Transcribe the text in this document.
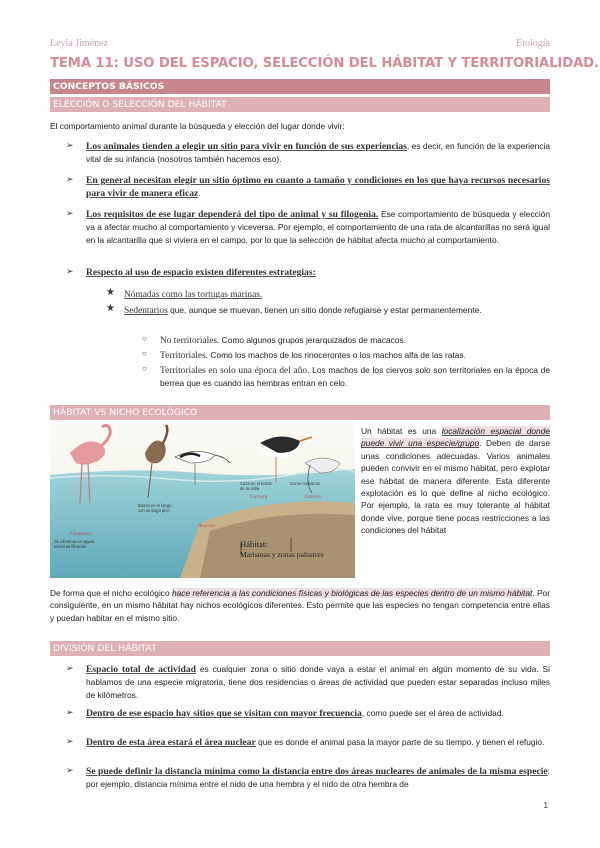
Leyla Jiménez	Etología
TEMA 11: USO DEL ESPACIO, SELECCIÓN DEL HÁBITAT Y TERRITORIALIDAD.
CONCEPTOS BÁSICOS
ELECCIÓN O SELECCIÓN DEL HÁBITAT
El comportamiento animal durante la búsqueda y elección del lugar donde vivir:
➢ Los animales tienden a elegir un sitio para vivir en función de sus experiencias, es decir, en función de la experiencia vital de su infancia (nosotros también hacemos eso).
➢ En general necesitan elegir un sitio óptimo en cuanto a tamaño y condiciones en los que haya recursos necesarios para vivir de manera eficaz.
➢ Los requisitos de ese lugar dependerá del tipo de animal y su filogenia. Ese comportamiento de búsqueda y elección va a afectar mucho al comportamiento y viceversa. Por ejemplo, el comportamiento de una rata de alcantarillas no será igual en la alcantarilla que si viviera en el campo, por lo que la selección de hábitat afecta mucho al comportamiento.
➢ Respecto al uso de espacio existen diferentes estrategias:
★ Nómadas como las tortugas marinas.
★ Sedentarios que, aunque se muevan, tienen un sitio donde refugiarse y estar permanentemente.
○ No territoriales. Como algunos grupos jerarquizados de macacos.
○ Territoriales. Como los machos de los rinocerontes o los machos alfa de las ratas.
○ Territoriales en solo una época del año. Los machos de los ciervos solo son territoriales en la época de berrea que es cuando las hembras entran en celo.
HÁBITAT VS NICHO ECOLÓGICO
Se alimenta en aguas
someras filtrando
Busca en el fango
con su largo pico
Caza en el borde
de la orilla
Come moluscos
Avoceta
Garceta	Ostrero
Flamenco
Hábitat:
Marismas y zonas palustres
Un hábitat es una localización espacial donde puede vivir una especie/grupo. Deben de darse unas condiciones adecuadas. Varios animales pueden convivir en el mismo hábitat, pero explotar ese hábitat de manera diferente. Esta diferente explotación es lo que define al nicho ecológico. Por ejemplo, la rata es muy tolerante al hábitat donde vive, porque tiene pocas restricciones a las condiciones del hábitat
De forma que el nicho ecológico hace referencia a las condiciones físicas y biológicas de las especies dentro de un mismo hábitat. Por consiguiente, en un mismo hábitat hay nichos ecológicos diferentes. Esto permite que las especies no tengan competencia entre ellas y puedan habitar en el mismo sitio.
DIVISIÓN DEL HÁBITAT
➢ Espacio total de actividad es cualquier zona o sitio donde vaya a estar el animal en algún momento de su vida. Si hablamos de una especie migratoria, tiene dos residencias o áreas de actividad que pueden estar separadas incluso miles de kilómetros.
➢ Dentro de ese espacio hay sitios que se visitan con mayor frecuencia, como puede ser el área de actividad.
➢ Dentro de esta área estará el área nuclear que es donde el animal pasa la mayor parte de su tiempo. y tienen el refugio.
➢ Se puede definir la distancia mínima como la distancia entre dos áreas nucleares de animales de la misma especie: por ejemplo, distancia mínima entre el nido de una hembra y el nido de otra hembra de
1
